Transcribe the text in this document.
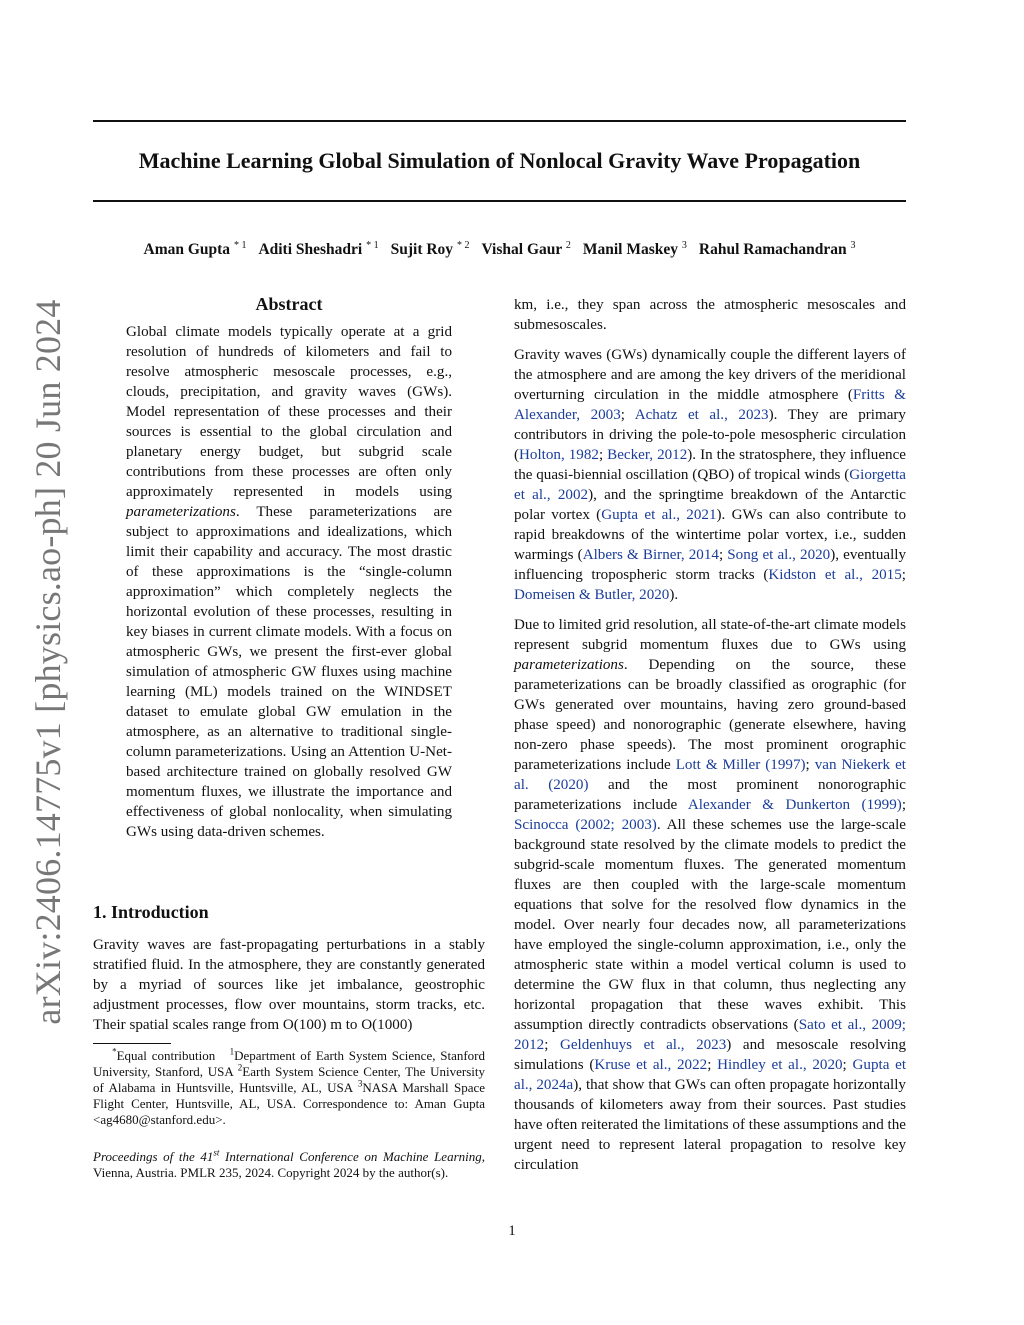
arXiv:2406.14775v1 [physics.ao-ph] 20 Jun 2024
Machine Learning Global Simulation of Nonlocal Gravity Wave Propagation
Aman Gupta $^{* 1}$ Aditi Sheshadri $^{* 1}$ Sujit Roy $^{* 2}$ Vishal Gaur $^2$ Manil Maskey $^3$ Rahul Ramachandran $^3$
Abstract
Global climate models typically operate at a grid resolution of hundreds of kilometers and fail to resolve atmospheric mesoscale processes, e.g., clouds, precipitation, and gravity waves (GWs). Model representation of these processes and their sources is essential to the global circulation and planetary energy budget, but subgrid scale contributions from these processes are often only approximately represented in models using parameterizations. These parameterizations are subject to approximations and idealizations, which limit their capability and accuracy. The most drastic of these approximations is the “single-column approximation” which completely neglects the horizontal evolution of these processes, resulting in key biases in current climate models. With a focus on atmospheric GWs, we present the first-ever global simulation of atmospheric GW fluxes using machine learning (ML) models trained on the WINDSET dataset to emulate global GW emulation in the atmosphere, as an alternative to traditional single-column parameterizations. Using an Attention U-Net-based architecture trained on globally resolved GW momentum fluxes, we illustrate the importance and effectiveness of global nonlocality, when simulating GWs using data-driven schemes.
1. Introduction
Gravity waves are fast-propagating perturbations in a stably stratified fluid. In the atmosphere, they are constantly generated by a myriad of sources like jet imbalance, geostrophic adjustment processes, flow over mountains, storm tracks, etc. Their spatial scales range from O(100) m to O(1000)
*Equal contribution $^1$Department of Earth System Science, Stanford University, Stanford, USA $^2$Earth System Science Center, The University of Alabama in Huntsville, Huntsville, AL, USA $^3$NASA Marshall Space Flight Center, Huntsville, AL, USA. Correspondence to: Aman Gupta <ag4680@stanford.edu>.
Proceedings of the 41st International Conference on Machine Learning, Vienna, Austria. PMLR 235, 2024. Copyright 2024 by the author(s).

km, i.e., they span across the atmospheric mesoscales and submesoscales.

Gravity waves (GWs) dynamically couple the different layers of the atmosphere and are among the key drivers of the meridional overturning circulation in the middle atmosphere (Fritts & Alexander, 2003; Achatz et al., 2023). They are primary contributors in driving the pole-to-pole mesospheric circulation (Holton, 1982; Becker, 2012). In the stratosphere, they influence the quasi-biennial oscillation (QBO) of tropical winds (Giorgetta et al., 2002), and the springtime breakdown of the Antarctic polar vortex (Gupta et al., 2021). GWs can also contribute to rapid breakdowns of the wintertime polar vortex, i.e., sudden warmings (Albers & Birner, 2014; Song et al., 2020), eventually influencing tropospheric storm tracks (Kidston et al., 2015; Domeisen & Butler, 2020).

Due to limited grid resolution, all state-of-the-art climate models represent subgrid momentum fluxes due to GWs using parameterizations. Depending on the source, these parameterizations can be broadly classified as orographic (for GWs generated over mountains, having zero ground-based phase speed) and nonorographic (generate elsewhere, having non-zero phase speeds). The most prominent orographic parameterizations include Lott & Miller (1997); van Niekerk et al. (2020) and the most prominent nonorographic parameterizations include Alexander & Dunkerton (1999); Scinocca (2002; 2003). All these schemes use the large-scale background state resolved by the climate models to predict the subgrid-scale momentum fluxes. The generated momentum fluxes are then coupled with the large-scale momentum equations that solve for the resolved flow dynamics in the model. Over nearly four decades now, all parameterizations have employed the single-column approximation, i.e., only the atmospheric state within a model vertical column is used to determine the GW flux in that column, thus neglecting any horizontal propagation that these waves exhibit. This assumption directly contradicts observations (Sato et al., 2009; 2012; Geldenhuys et al., 2023) and mesoscale resolving simulations (Kruse et al., 2022; Hindley et al., 2020; Gupta et al., 2024a), that show that GWs can often propagate horizontally thousands of kilometers away from their sources. Past studies have often reiterated the limitations of these assumptions and the urgent need to represent lateral propagation to resolve key circulation

1
